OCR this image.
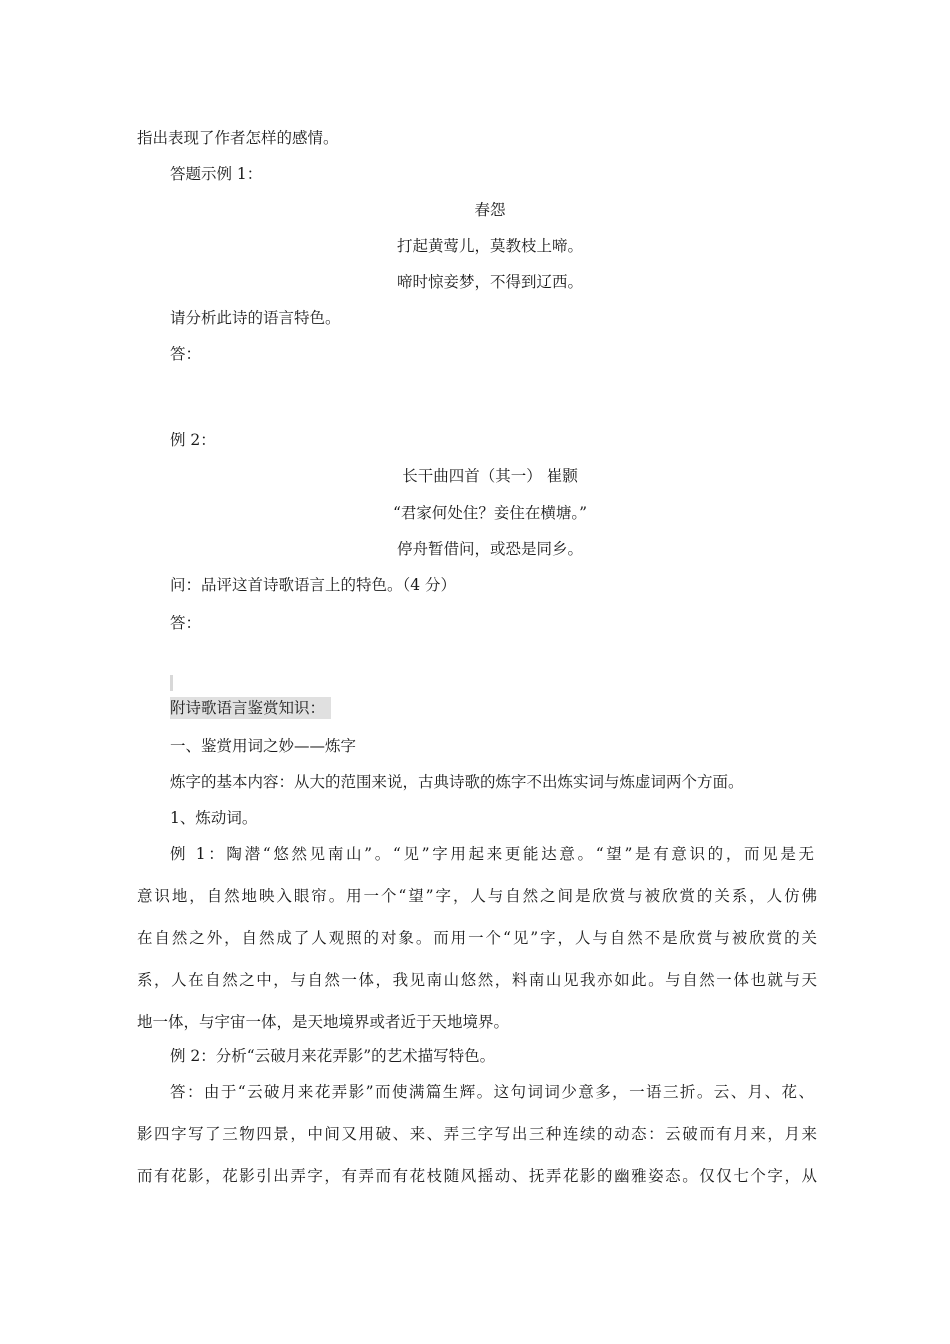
指出表现了作者怎样的感情。
答题示例 1：
春怨
打起黄莺儿，莫教枝上啼。
啼时惊妾梦，不得到辽西。
请分析此诗的语言特色。
答：
例 2：
长干曲四首（其一） 崔颢
“君家何处住？妾住在横塘。”
停舟暂借问，或恐是同乡。
问：品评这首诗歌语言上的特色。（4 分）
答：
附诗歌语言鉴赏知识：
一、鉴赏用词之妙——炼字
炼字的基本内容：从大的范围来说，古典诗歌的炼字不出炼实词与炼虚词两个方面。
1、炼动词。
例 1：陶潜“悠然见南山”。“见”字用起来更能达意。“望”是有意识的，而见是无
意识地，自然地映入眼帘。用一个“望”字，人与自然之间是欣赏与被欣赏的关系，人仿佛
在自然之外，自然成了人观照的对象。而用一个“见”字，人与自然不是欣赏与被欣赏的关
系，人在自然之中，与自然一体，我见南山悠然，料南山见我亦如此。与自然一体也就与天
地一体，与宇宙一体，是天地境界或者近于天地境界。
例 2：分析“云破月来花弄影”的艺术描写特色。
答：由于“云破月来花弄影”而使满篇生辉。这句词词少意多，一语三折。云、月、花、
影四字写了三物四景，中间又用破、来、弄三字写出三种连续的动态：云破而有月来，月来
而有花影，花影引出弄字，有弄而有花枝随风摇动、抚弄花影的幽雅姿态。仅仅七个字，从
